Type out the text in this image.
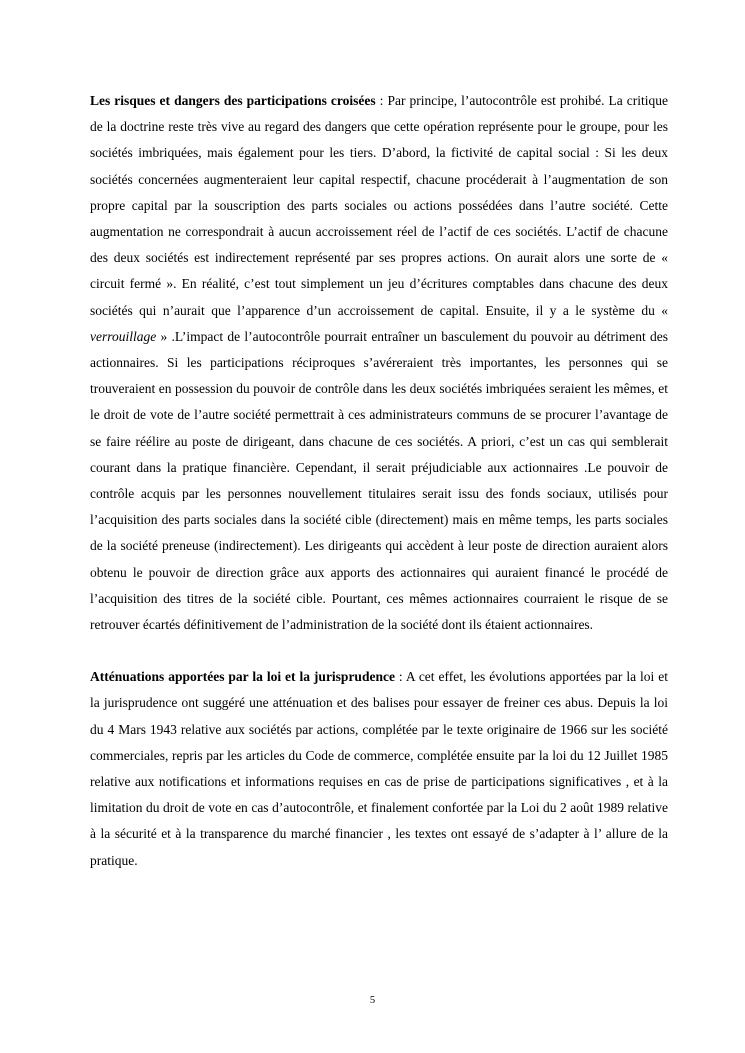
Les risques et dangers des participations croisées : Par principe, l’autocontrôle est prohibé. La critique de la doctrine reste très vive au regard des dangers que cette opération représente pour le groupe, pour les sociétés imbriquées, mais également pour les tiers. D’abord, la fictivité de capital social : Si les deux sociétés concernées augmenteraient leur capital respectif, chacune procéderait à l’augmentation de son propre capital par la souscription des parts sociales ou actions possédées dans l’autre société. Cette augmentation ne correspondrait à aucun accroissement réel de l’actif de ces sociétés. L’actif de chacune des deux sociétés est indirectement représenté par ses propres actions. On aurait alors une sorte de « circuit fermé ». En réalité, c’est tout simplement un jeu d’écritures comptables dans chacune des deux sociétés qui n’aurait que l’apparence d’un accroissement de capital. Ensuite, il y a le système du « verrouillage » .L’impact de l’autocontrôle pourrait entraîner un basculement du pouvoir au détriment des actionnaires. Si les participations réciproques s’avéreraient très importantes, les personnes qui se trouveraient en possession du pouvoir de contrôle dans les deux sociétés imbriquées seraient les mêmes, et le droit de vote de l’autre société permettrait à ces administrateurs communs de se procurer l’avantage de se faire réélire au poste de dirigeant, dans chacune de ces sociétés. A priori, c’est un cas qui semblerait courant dans la pratique financière. Cependant, il serait préjudiciable aux actionnaires .Le pouvoir de contrôle acquis par les personnes nouvellement titulaires serait issu des fonds sociaux, utilisés pour l’acquisition des parts sociales dans la société cible (directement) mais en même temps, les parts sociales de la société preneuse (indirectement). Les dirigeants qui accèdent à leur poste de direction auraient alors obtenu le pouvoir de direction grâce aux apports des actionnaires qui auraient financé le procédé de l’acquisition des titres de la société cible. Pourtant, ces mêmes actionnaires courraient le risque de se retrouver écartés définitivement de l’administration de la société dont ils étaient actionnaires.

Atténuations apportées par la loi et la jurisprudence : A cet effet, les évolutions apportées par la loi et la jurisprudence ont suggéré une atténuation et des balises pour essayer de freiner ces abus. Depuis la loi du 4 Mars 1943 relative aux sociétés par actions, complétée par le texte originaire de 1966 sur les société commerciales, repris par les articles du Code de commerce, complétée ensuite par la loi du 12 Juillet 1985 relative aux notifications et informations requises en cas de prise de participations significatives , et à la limitation du droit de vote en cas d’autocontrôle, et finalement confortée par la Loi du 2 août 1989 relative à la sécurité et à la transparence du marché financier , les textes ont essayé de s’adapter à l’ allure de la pratique.

5
